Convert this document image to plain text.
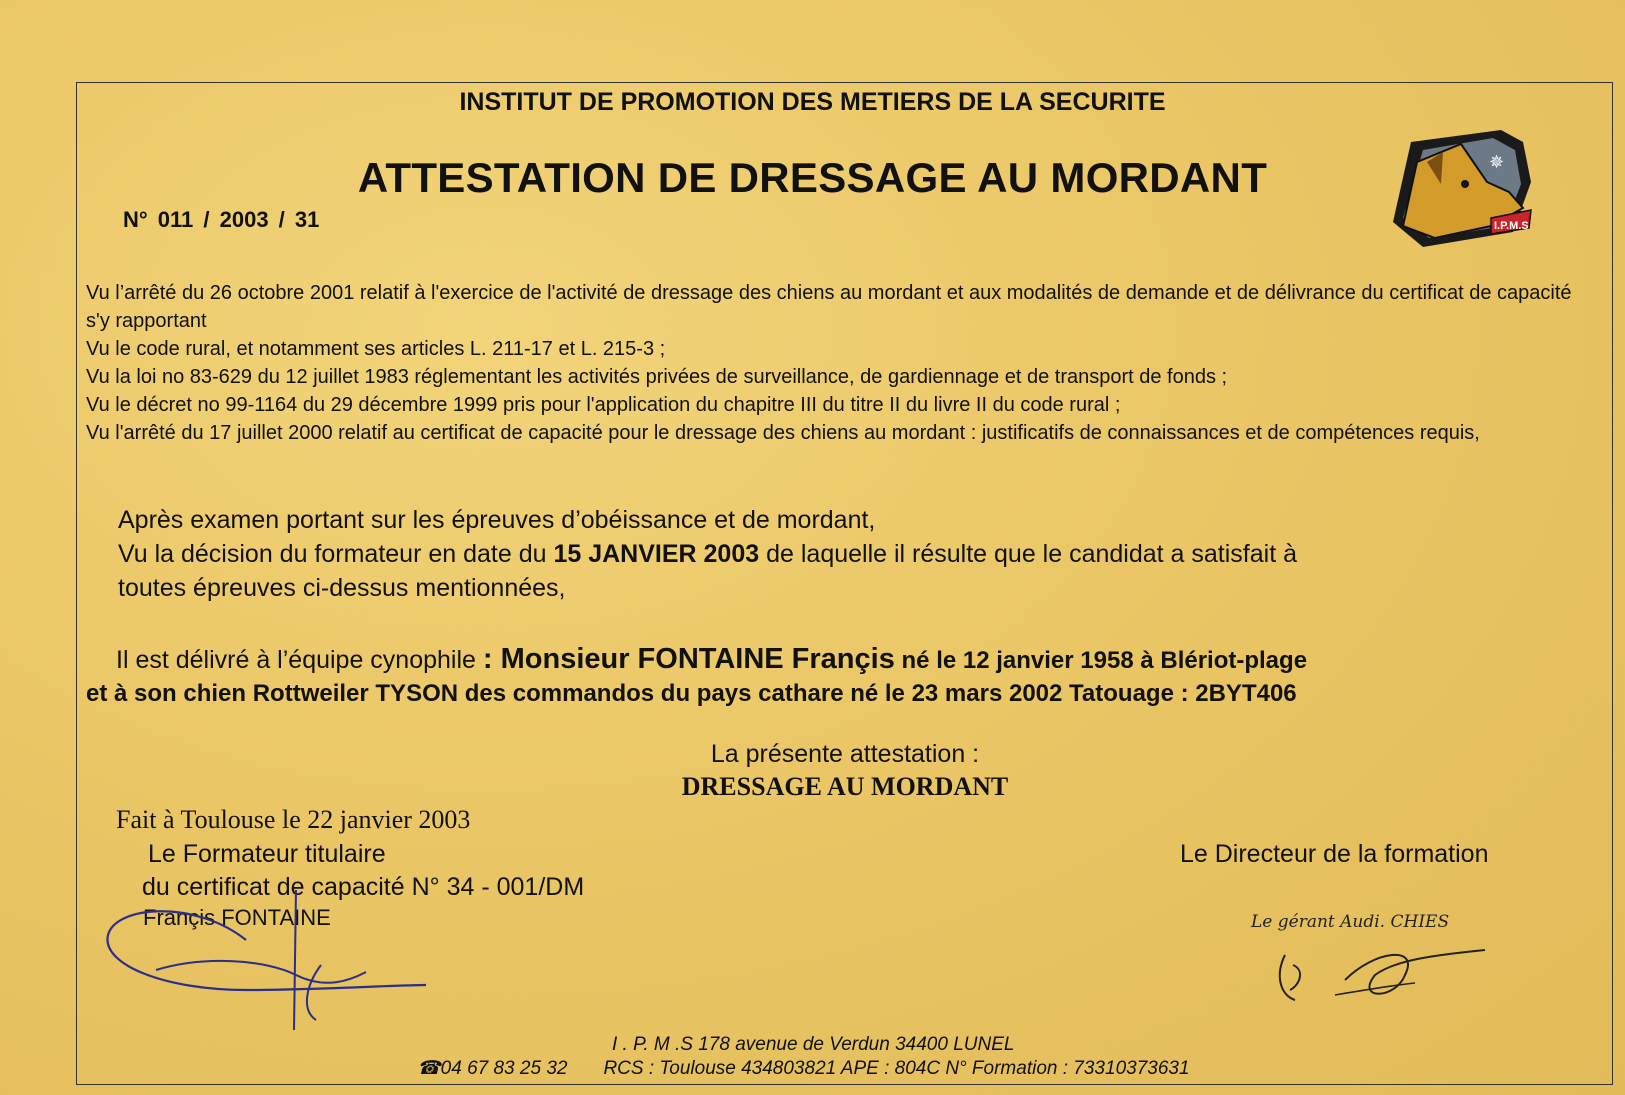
INSTITUT DE PROMOTION DES METIERS DE LA SECURITE
ATTESTATION DE DRESSAGE AU MORDANT
N° 011 / 2003 / 31	I.P.M.S
✵

Vu l’arrêté du 26 octobre 2001 relatif à l'exercice de l'activité de dressage des chiens au mordant et aux modalités de demande et de délivrance du certificat de capacité s'y rapportant

Vu le code rural, et notamment ses articles L. 211-17 et L. 215-3 ;

Vu la loi no 83-629 du 12 juillet 1983 réglementant les activités privées de surveillance, de gardiennage et de transport de fonds ;

Vu le décret no 99-1164 du 29 décembre 1999 pris pour l'application du chapitre III du titre II du livre II du code rural ;

Vu l'arrêté du 17 juillet 2000 relatif au certificat de capacité pour le dressage des chiens au mordant : justificatifs de connaissances et de compétences requis,

Après examen portant sur les épreuves d’obéissance et de mordant,

Vu la décision du formateur en date du 15 JANVIER 2003 de laquelle il résulte que le candidat a satisfait à

toutes épreuves ci-dessus mentionnées,

Il est délivré à l’équipe cynophile : Monsieur FONTAINE Françis né le 12 janvier 1958 à Blériot-plage
et à son chien Rottweiler TYSON des commandos du pays cathare né le 23 mars 2002 Tatouage : 2BYT406
La présente attestation :
DRESSAGE AU MORDANT
Fait à Toulouse le 22 janvier 2003
Le Formateur titulaire
du certificat de capacité N° 34 - 001/DM
Françis FONTAINE
Le Directeur de la formation
Le gérant Audi. CHIES
I . P. M .S 178 avenue de Verdun 34400 LUNEL
☎04 67 83 25 32 RCS : Toulouse 434803821 APE : 804C N° Formation : 73310373631
